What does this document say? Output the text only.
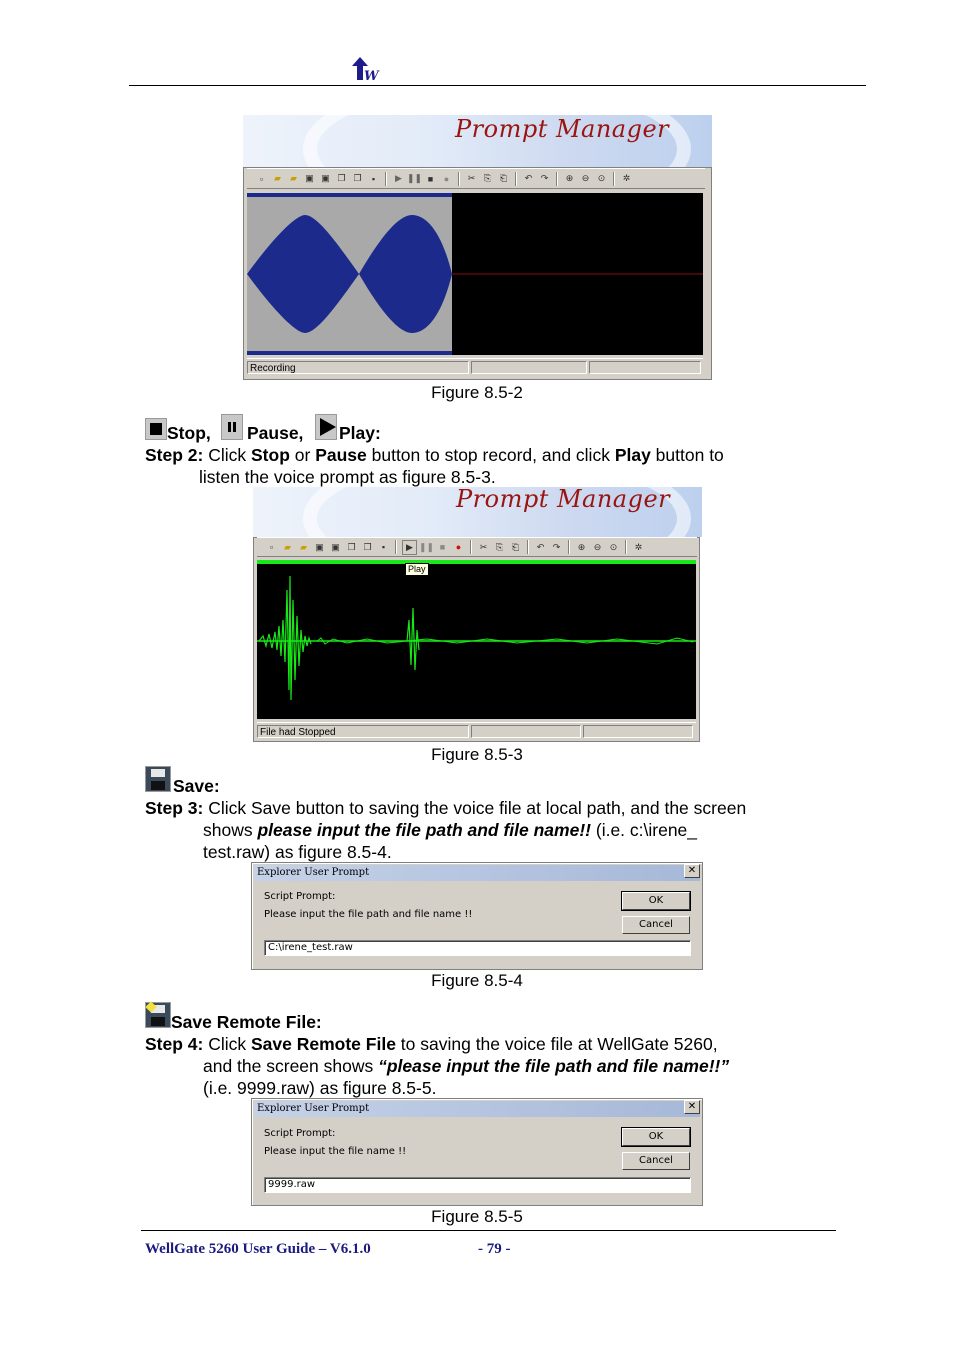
W
Prompt Manager
▫	▰	▰ ▣ ▣ ❐ ❐	▪	▶ ❚❚ ■	●	✂ ⎘ ⎗	↶ ↷	⊕ ⊖ ⊙	✲
Recording
Figure 8.5-2
Stop, Pause, Play:
Step 2: Click Stop or Pause button to stop record, and click Play button to
listen the voice prompt as figure 8.5-3.
Prompt Manager
▫	▰	▰ ▣ ▣ ❐ ❐	▪	▶ ❚❚ ■	●	✂ ⎘ ⎗	↶ ↷	⊕ ⊖ ⊙	✲
Play
File had Stopped
Figure 8.5-3
Save:
Step 3: Click Save button to saving the voice file at local path, and the screen
shows please input the file path and file name!! (i.e. c:\irene_
test.raw) as figure 8.5-4.
Explorer User Prompt	✕
Script Prompt:
Please input the file path and file name !!
OK
Cancel
C:\irene_test.raw
Figure 8.5-4
Save Remote File:
Step 4: Click Save Remote File to saving the voice file at WellGate 5260,
and the screen shows “please input the file path and file name!!”
(i.e. 9999.raw) as figure 8.5-5.
Explorer User Prompt	✕
Script Prompt:
Please input the file name !!
OK
Cancel
9999.raw
Figure 8.5-5
WellGate 5260 User Guide – V6.1.0	- 79 -
